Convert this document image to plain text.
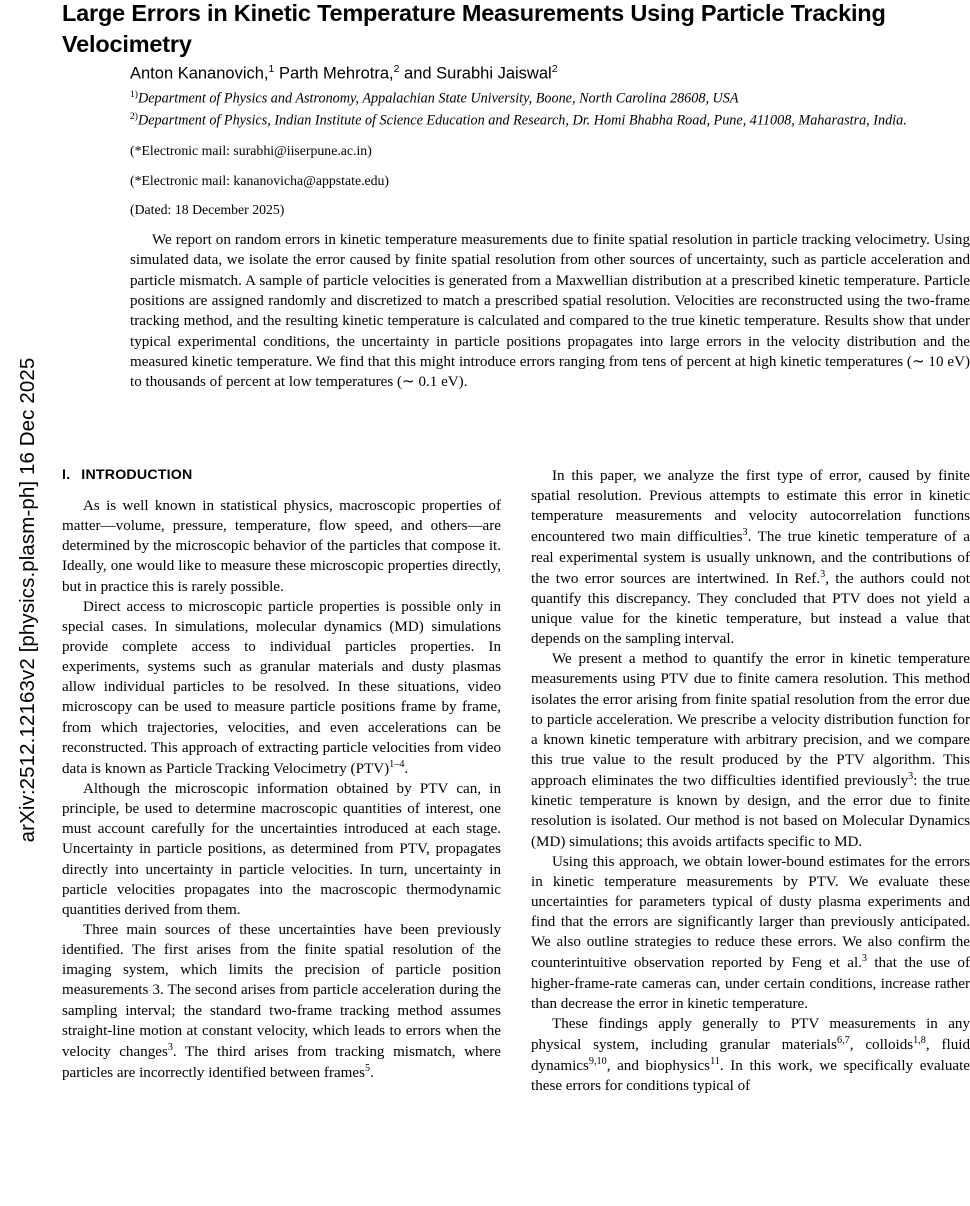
arXiv:2512.12163v2 [physics.plasm-ph] 16 Dec 2025
Large Errors in Kinetic Temperature Measurements Using Particle Tracking Velocimetry

Anton Kananovich,$^1$ Parth Mehrotra,$^2$ and Surabhi Jaiswal$^2$

$^{1)}$Department of Physics and Astronomy, Appalachian State University, Boone, North Carolina 28608, USA

$^{2)}$Department of Physics, Indian Institute of Science Education and Research, Dr. Homi Bhabha Road, Pune, 411008, Maharastra, India.

(*Electronic mail: surabhi@iiserpune.ac.in)

(*Electronic mail: kananovicha@appstate.edu)

(Dated: 18 December 2025)

We report on random errors in kinetic temperature measurements due to finite spatial resolution in particle tracking velocimetry. Using simulated data, we isolate the error caused by finite spatial resolution from other sources of uncertainty, such as particle acceleration and particle mismatch. A sample of particle velocities is generated from a Maxwellian distribution at a prescribed kinetic temperature. Particle positions are assigned randomly and discretized to match a prescribed spatial resolution. Velocities are reconstructed using the two-frame tracking method, and the resulting kinetic temperature is calculated and compared to the true kinetic temperature. Results show that under typical experimental conditions, the uncertainty in particle positions propagates into large errors in the velocity distribution and the measured kinetic temperature. We find that this might introduce errors ranging from tens of percent at high kinetic temperatures (∼ 10 eV) to thousands of percent at low temperatures (∼ 0.1 eV).

I. INTRODUCTION

As is well known in statistical physics, macroscopic properties of matter—volume, pressure, temperature, flow speed, and others—are determined by the microscopic behavior of the particles that compose it. Ideally, one would like to measure these microscopic properties directly, but in practice this is rarely possible.

Direct access to microscopic particle properties is possible only in special cases. In simulations, molecular dynamics (MD) simulations provide complete access to individual particles properties. In experiments, systems such as granular materials and dusty plasmas allow individual particles to be resolved. In these situations, video microscopy can be used to measure particle positions frame by frame, from which trajectories, velocities, and even accelerations can be reconstructed. This approach of extracting particle velocities from video data is known as Particle Tracking Velocimetry (PTV)$^{1-4}$.

Although the microscopic information obtained by PTV can, in principle, be used to determine macroscopic quantities of interest, one must account carefully for the uncertainties introduced at each stage. Uncertainty in particle positions, as determined from PTV, propagates directly into uncertainty in particle velocities. In turn, uncertainty in particle velocities propagates into the macroscopic thermodynamic quantities derived from them.

Three main sources of these uncertainties have been previously identified. The first arises from the finite spatial resolution of the imaging system, which limits the precision of particle position measurements 3. The second arises from particle acceleration during the sampling interval; the standard two-frame tracking method assumes straight-line motion at constant velocity, which leads to errors when the velocity changes$^3$. The third arises from tracking mismatch, where particles are incorrectly identified between frames$^5$.

In this paper, we analyze the first type of error, caused by finite spatial resolution. Previous attempts to estimate this error in kinetic temperature measurements and velocity autocorrelation functions encountered two main difficulties$^3$. The true kinetic temperature of a real experimental system is usually unknown, and the contributions of the two error sources are intertwined. In Ref.$^3$, the authors could not quantify this discrepancy. They concluded that PTV does not yield a unique value for the kinetic temperature, but instead a value that depends on the sampling interval.

We present a method to quantify the error in kinetic temperature measurements using PTV due to finite camera resolution. This method isolates the error arising from finite spatial resolution from the error due to particle acceleration. We prescribe a velocity distribution function for a known kinetic temperature with arbitrary precision, and we compare this true value to the result produced by the PTV algorithm. This approach eliminates the two difficulties identified previously$^3$: the true kinetic temperature is known by design, and the error due to finite resolution is isolated. Our method is not based on Molecular Dynamics (MD) simulations; this avoids artifacts specific to MD.

Using this approach, we obtain lower-bound estimates for the errors in kinetic temperature measurements by PTV. We evaluate these uncertainties for parameters typical of dusty plasma experiments and find that the errors are significantly larger than previously anticipated. We also outline strategies to reduce these errors. We also confirm the counterintuitive observation reported by Feng et al.$^3$ that the use of higher-frame-rate cameras can, under certain conditions, increase rather than decrease the error in kinetic temperature.

These findings apply generally to PTV measurements in any physical system, including granular materials$^{6,7}$, colloids$^{1,8}$, fluid dynamics$^{9,10}$, and biophysics$^{11}$. In this work, we specifically evaluate these errors for conditions typical of
